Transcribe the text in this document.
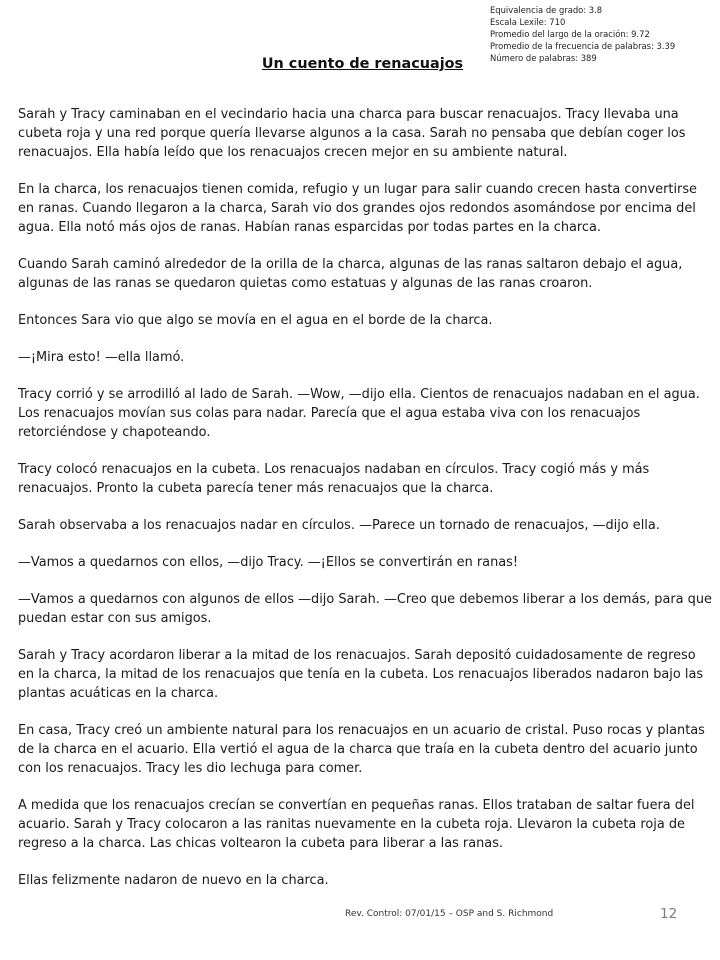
Equivalencia de grado: 3.8
Escala Lexile: 710
Promedio del largo de la oración: 9.72
Promedio de la frecuencia de palabras: 3.39
Número de palabras: 389
Un cuento de renacuajos

Sarah y Tracy caminaban en el vecindario hacia una charca para buscar renacuajos. Tracy llevaba una cubeta roja y una red porque quería llevarse algunos a la casa. Sarah no pensaba que debían coger los renacuajos. Ella había leído que los renacuajos crecen mejor en su ambiente natural.

En la charca, los renacuajos tienen comida, refugio y un lugar para salir cuando crecen hasta convertirse en ranas. Cuando llegaron a la charca, Sarah vio dos grandes ojos redondos asomándose por encima del agua. Ella notó más ojos de ranas. Habían ranas esparcidas por todas partes en la charca.

Cuando Sarah caminó alrededor de la orilla de la charca, algunas de las ranas saltaron debajo el agua, algunas de las ranas se quedaron quietas como estatuas y algunas de las ranas croaron.

Entonces Sara vio que algo se movía en el agua en el borde de la charca.

—¡Mira esto! —ella llamó.

Tracy corrió y se arrodilló al lado de Sarah. —Wow, —dijo ella. Cientos de renacuajos nadaban en el agua. Los renacuajos movían sus colas para nadar. Parecía que el agua estaba viva con los renacuajos retorciéndose y chapoteando.

Tracy colocó renacuajos en la cubeta. Los renacuajos nadaban en círculos. Tracy cogió más y más renacuajos. Pronto la cubeta parecía tener más renacuajos que la charca.

Sarah observaba a los renacuajos nadar en círculos. —Parece un tornado de renacuajos, —dijo ella.

—Vamos a quedarnos con ellos, —dijo Tracy. —¡Ellos se convertirán en ranas!

—Vamos a quedarnos con algunos de ellos —dijo Sarah. —Creo que debemos liberar a los demás, para que puedan estar con sus amigos.

Sarah y Tracy acordaron liberar a la mitad de los renacuajos. Sarah depositó cuidadosamente de regreso en la charca, la mitad de los renacuajos que tenía en la cubeta. Los renacuajos liberados nadaron bajo las plantas acuáticas en la charca.

En casa, Tracy creó un ambiente natural para los renacuajos en un acuario de cristal. Puso rocas y plantas de la charca en el acuario. Ella vertió el agua de la charca que traía en la cubeta dentro del acuario junto con los renacuajos. Tracy les dio lechuga para comer.

A medida que los renacuajos crecían se convertían en pequeñas ranas. Ellos trataban de saltar fuera del acuario. Sarah y Tracy colocaron a las ranitas nuevamente en la cubeta roja. Llevaron la cubeta roja de regreso a la charca. Las chicas voltearon la cubeta para liberar a las ranas.

Ellas felizmente nadaron de nuevo en la charca.

Rev. Control: 07/01/15 – OSP and S. Richmond	12
